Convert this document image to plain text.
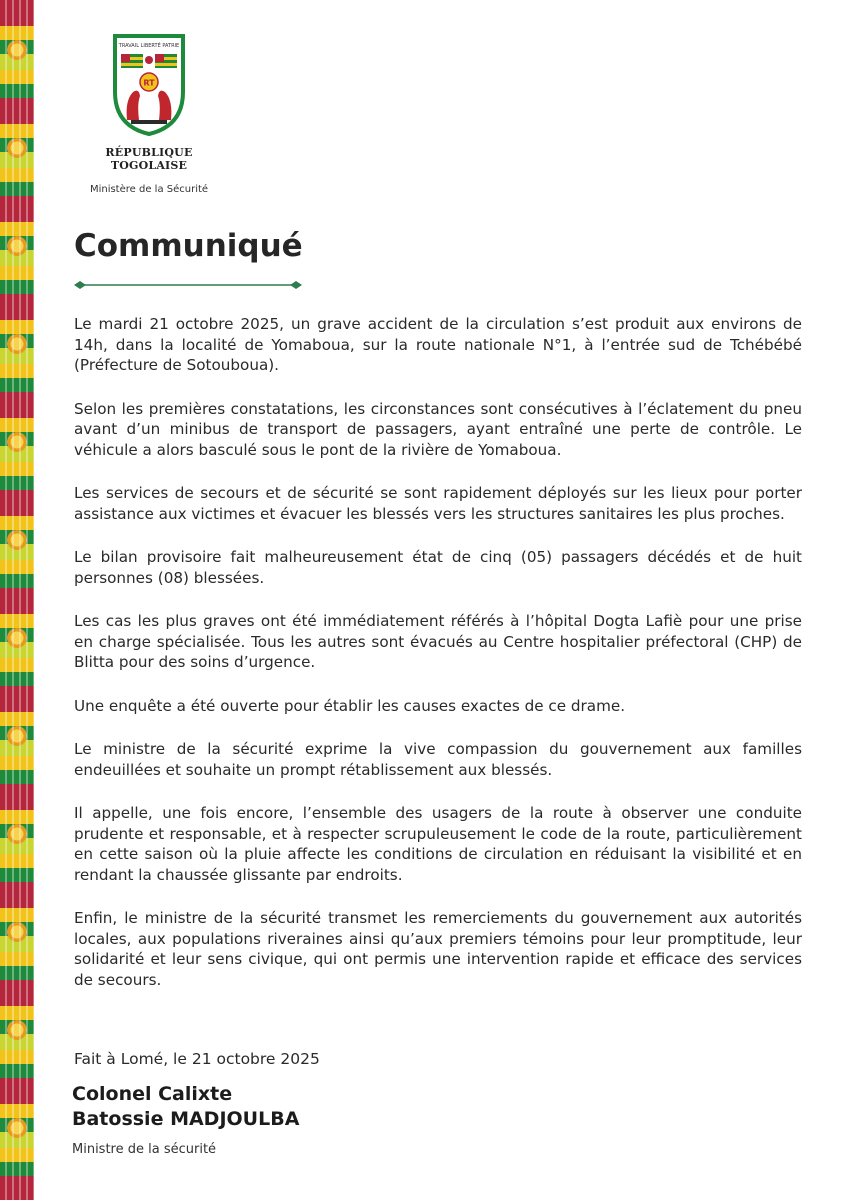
TRAVAIL LIBERTÉ PATRIE
RT
RÉPUBLIQUE TOGOLAISE
Ministère de la Sécurité
Communiqué

Le mardi 21 octobre 2025, un grave accident de la circulation s’est produit aux environs de 14h, dans la localité de Yomaboua, sur la route nationale N°1, à l’entrée sud de Tchébébé (Préfecture de Sotouboua).

Selon les premières constatations, les circonstances sont consécutives à l’éclatement du pneu avant d’un minibus de transport de passagers, ayant entraîné une perte de contrôle. Le véhicule a alors basculé sous le pont de la rivière de Yomaboua.

Les services de secours et de sécurité se sont rapidement déployés sur les lieux pour porter assistance aux victimes et évacuer les blessés vers les structures sanitaires les plus proches.

Le bilan provisoire fait malheureusement état de cinq (05) passagers décédés et de huit personnes (08) blessées.

Les cas les plus graves ont été immédiatement référés à l’hôpital Dogta Lafiè pour une prise en charge spécialisée. Tous les autres sont évacués au Centre hospitalier préfectoral (CHP) de Blitta pour des soins d’urgence.

Une enquête a été ouverte pour établir les causes exactes de ce drame.

Le ministre de la sécurité exprime la vive compassion du gouvernement aux familles endeuillées et souhaite un prompt rétablissement aux blessés.

Il appelle, une fois encore, l’ensemble des usagers de la route à observer une conduite prudente et responsable, et à respecter scrupuleusement le code de la route, particulièrement en cette saison où la pluie affecte les conditions de circulation en réduisant la visibilité et en rendant la chaussée glissante par endroits.

Enfin, le ministre de la sécurité transmet les remerciements du gouvernement aux autorités locales, aux populations riveraines ainsi qu’aux premiers témoins pour leur promptitude, leur solidarité et leur sens civique, qui ont permis une intervention rapide et efficace des services de secours.

Fait à Lomé, le 21 octobre 2025
Colonel Calixte
Batossie MADJOULBA
Ministre de la sécurité
